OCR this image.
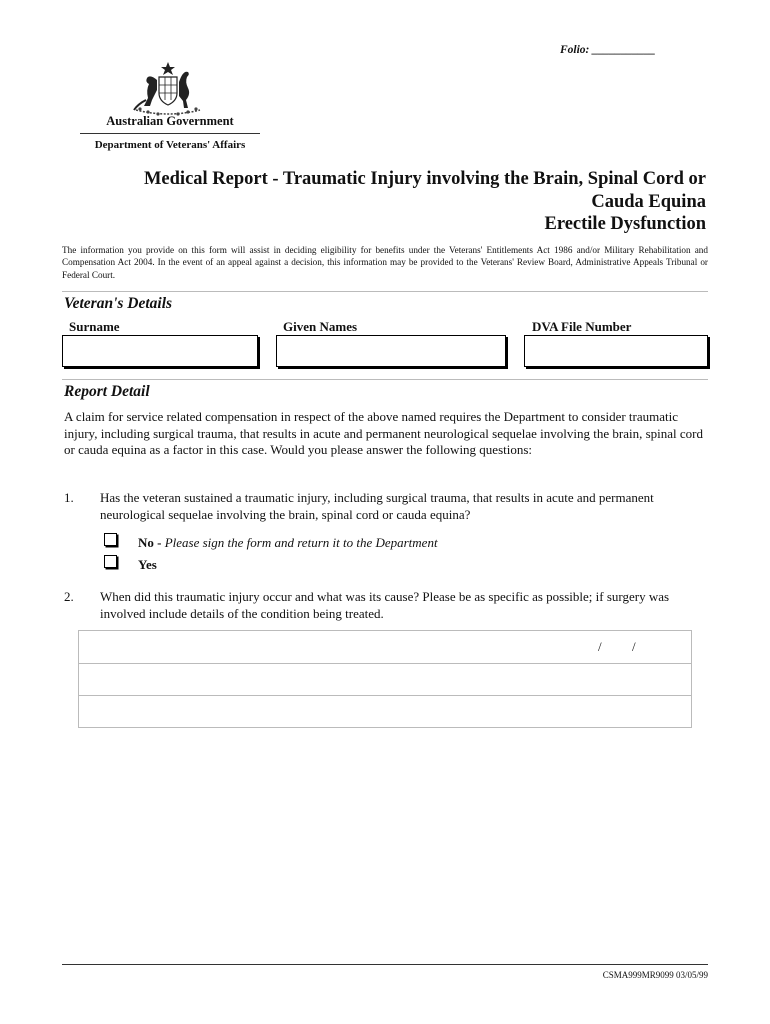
Folio: ___________
Australian Government
Department of Veterans' Affairs
Medical Report - Traumatic Injury involving the Brain, Spinal Cord or
Cauda Equina
Erectile Dysfunction
The information you provide on this form will assist in deciding eligibility for benefits under the Veterans' Entitlements Act 1986 and/or Military Rehabilitation and Compensation Act 2004. In the event of an appeal against a decision, this information may be provided to the Veterans' Review Board, Administrative Appeals Tribunal or Federal Court.
Veteran's Details
Surname	Given Names	DVA File Number
Report Detail
A claim for service related compensation in respect of the above named requires the Department to consider traumatic injury, including surgical trauma, that results in acute and permanent neurological sequelae involving the brain, spinal cord or cauda equina as a factor in this case. Would you please answer the following questions:
1. Has the veteran sustained a traumatic injury, including surgical trauma, that results in acute and permanent neurological sequelae involving the brain, spinal cord or cauda equina?
No - Please sign the form and return it to the Department
Yes
2. When did this traumatic injury occur and what was its cause? Please be as specific as possible; if surgery was involved include details of the condition being treated.
/ /
CSMA999MR9099 03/05/99
